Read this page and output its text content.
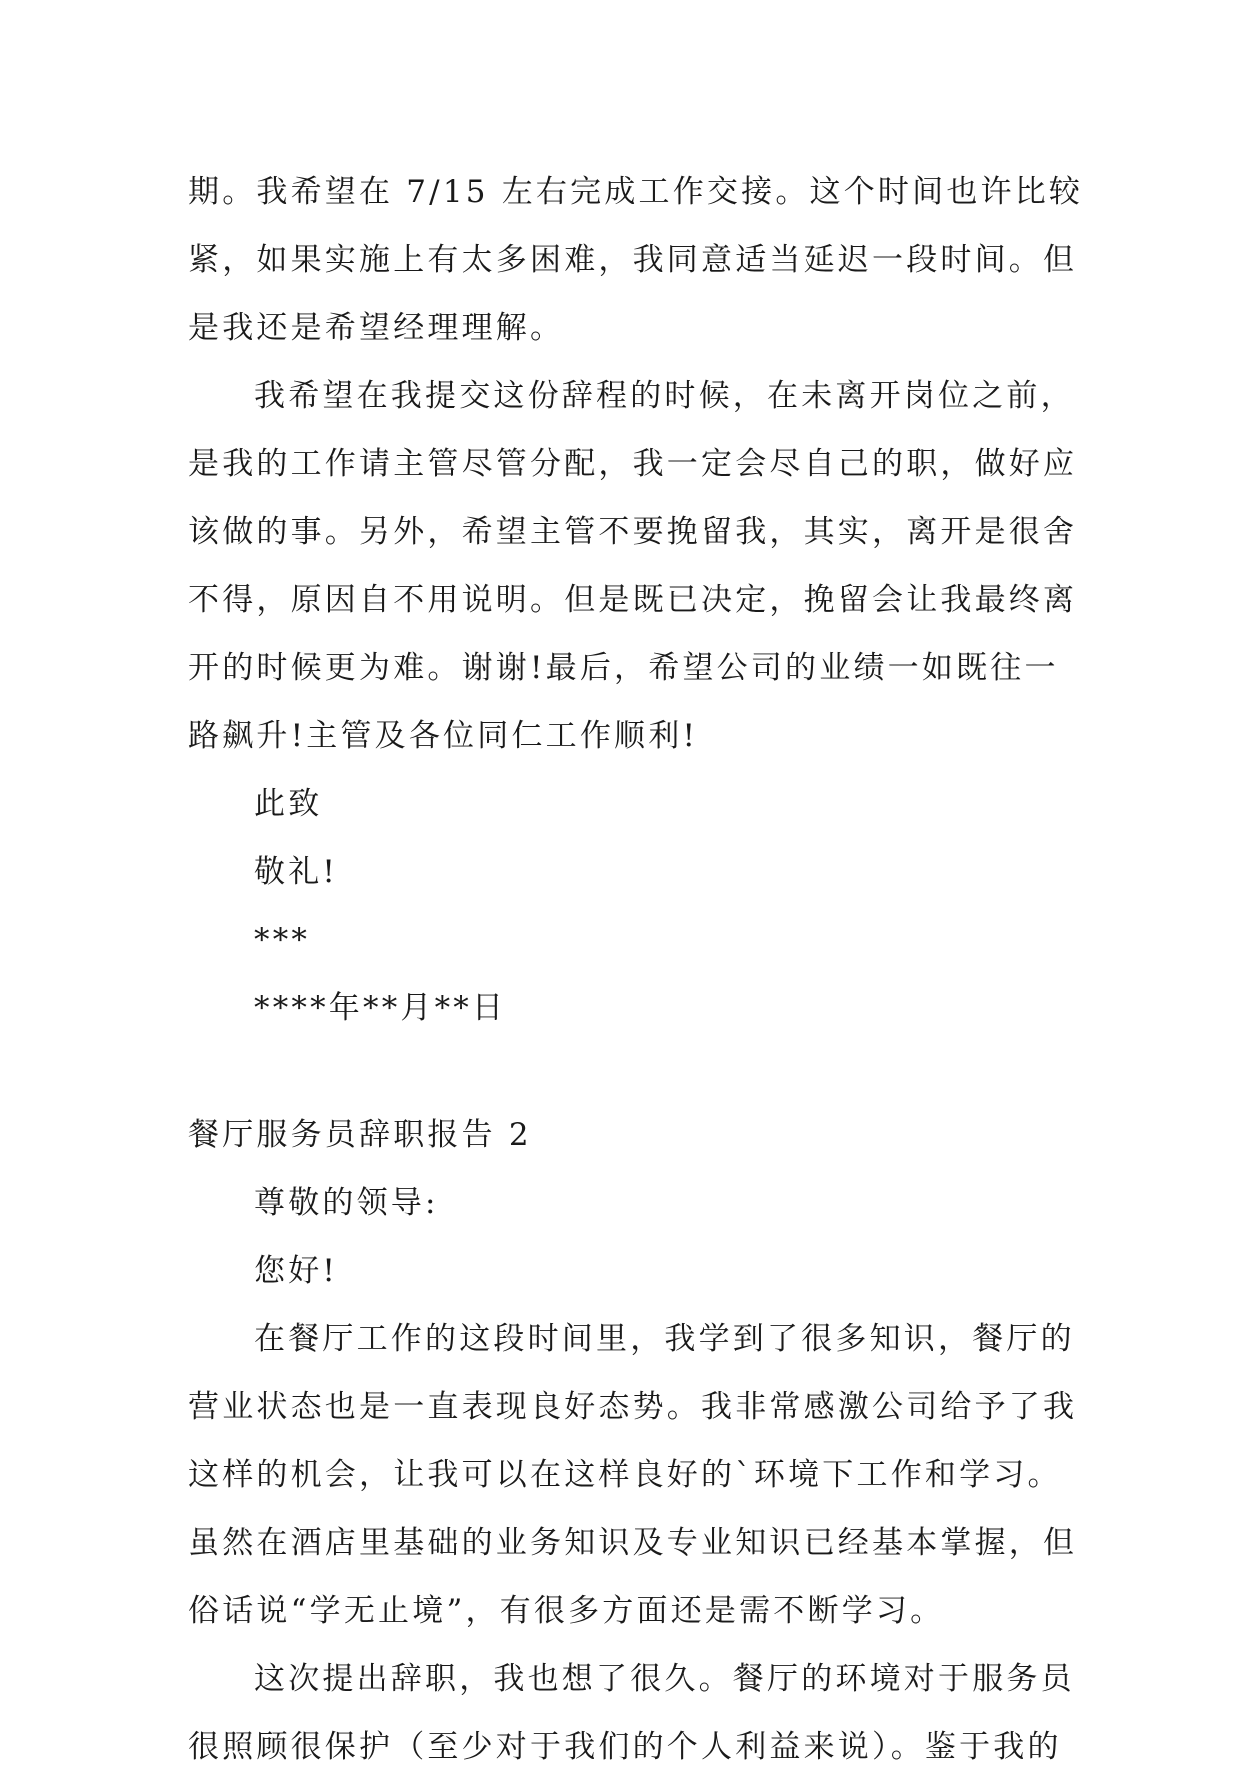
期。我希望在 7/15 左右完成工作交接。这个时间也许比较

紧，如果实施上有太多困难，我同意适当延迟一段时间。但

是我还是希望经理理解。

我希望在我提交这份辞程的时候，在未离开岗位之前，

是我的工作请主管尽管分配，我一定会尽自己的职，做好应

该做的事。另外，希望主管不要挽留我，其实，离开是很舍

不得，原因自不用说明。但是既已决定，挽留会让我最终离

开的时候更为难。谢谢!最后，希望公司的业绩一如既往一

路飙升!主管及各位同仁工作顺利!

此致

敬礼!

***

****年**月**日

餐厅服务员辞职报告 2

尊敬的领导:

您好!

在餐厅工作的这段时间里，我学到了很多知识，餐厅的

营业状态也是一直表现良好态势。我非常感激公司给予了我

这样的机会，让我可以在这样良好的`环境下工作和学习。

虽然在酒店里基础的业务知识及专业知识已经基本掌握，但

俗话说“学无止境”，有很多方面还是需不断学习。

这次提出辞职，我也想了很久。餐厅的环境对于服务员

很照顾很保护（至少对于我们的个人利益来说）。鉴于我的
